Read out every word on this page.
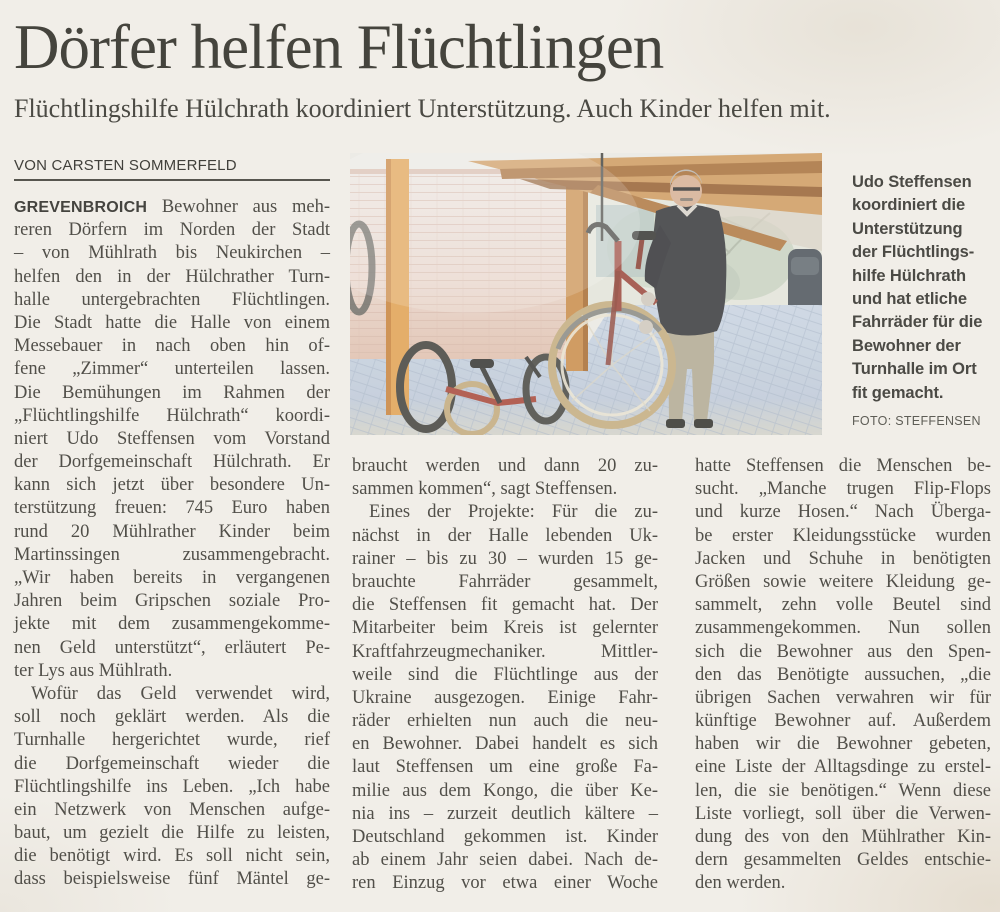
Dörfer helfen Flüchtlingen
Flüchtlingshilfe Hülchrath koordiniert Unterstützung. Auch Kinder helfen mit.
VON CARSTEN SOMMERFELD
GREVENBROICH Bewohner aus meh-
reren Dörfern im Norden der Stadt
– von Mühlrath bis Neukirchen –
helfen den in der Hülchrather Turn-
halle untergebrachten Flüchtlingen.
Die Stadt hatte die Halle von einem
Messebauer in nach oben hin of-
fene „Zimmer“ unterteilen lassen.
Die Bemühungen im Rahmen der
„Flüchtlingshilfe Hülchrath“ koordi-
niert Udo Steffensen vom Vorstand
der Dorfgemeinschaft Hülchrath. Er
kann sich jetzt über besondere Un-
terstützung freuen: 745 Euro haben
rund 20 Mühlrather Kinder beim
Martinssingen zusammengebracht.
„Wir haben bereits in vergangenen
Jahren beim Gripschen soziale Pro-
jekte mit dem zusammengekomme-
nen Geld unterstützt“, erläutert Pe-
ter Lys aus Mühlrath.
Wofür das Geld verwendet wird,
soll noch geklärt werden. Als die
Turnhalle hergerichtet wurde, rief
die Dorfgemeinschaft wieder die
Flüchtlingshilfe ins Leben. „Ich habe
ein Netzwerk von Menschen aufge-
baut, um gezielt die Hilfe zu leisten,
die benötigt wird. Es soll nicht sein,
dass beispielsweise fünf Mäntel ge-
braucht werden und dann 20 zu-
sammen kommen“, sagt Steffensen.
Eines der Projekte: Für die zu-
nächst in der Halle lebenden Uk-
rainer – bis zu 30 – wurden 15 ge-
brauchte Fahrräder gesammelt,
die Steffensen fit gemacht hat. Der
Mitarbeiter beim Kreis ist gelernter
Kraftfahrzeugmechaniker. Mittler-
weile sind die Flüchtlinge aus der
Ukraine ausgezogen. Einige Fahr-
räder erhielten nun auch die neu-
en Bewohner. Dabei handelt es sich
laut Steffensen um eine große Fa-
milie aus dem Kongo, die über Ke-
nia ins – zurzeit deutlich kältere –
Deutschland gekommen ist. Kinder
ab einem Jahr seien dabei. Nach de-
ren Einzug vor etwa einer Woche
hatte Steffensen die Menschen be-
sucht. „Manche trugen Flip-Flops
und kurze Hosen.“ Nach Überga-
be erster Kleidungsstücke wurden
Jacken und Schuhe in benötigten
Größen sowie weitere Kleidung ge-
sammelt, zehn volle Beutel sind
zusammengekommen. Nun sollen
sich die Bewohner aus den Spen-
den das Benötigte aussuchen, „die
übrigen Sachen verwahren wir für
künftige Bewohner auf. Außerdem
haben wir die Bewohner gebeten,
eine Liste der Alltagsdinge zu erstel-
len, die sie benötigen.“ Wenn diese
Liste vorliegt, soll über die Verwen-
dung des von den Mühlrather Kin-
dern gesammelten Geldes entschie-
den werden.
Udo Steffensen
koordiniert die
Unterstützung
der Flüchtlings-
hilfe Hülchrath
und hat etliche
Fahrräder für die
Bewohner der
Turnhalle im Ort
fit gemacht.
FOTO: STEFFENSEN
